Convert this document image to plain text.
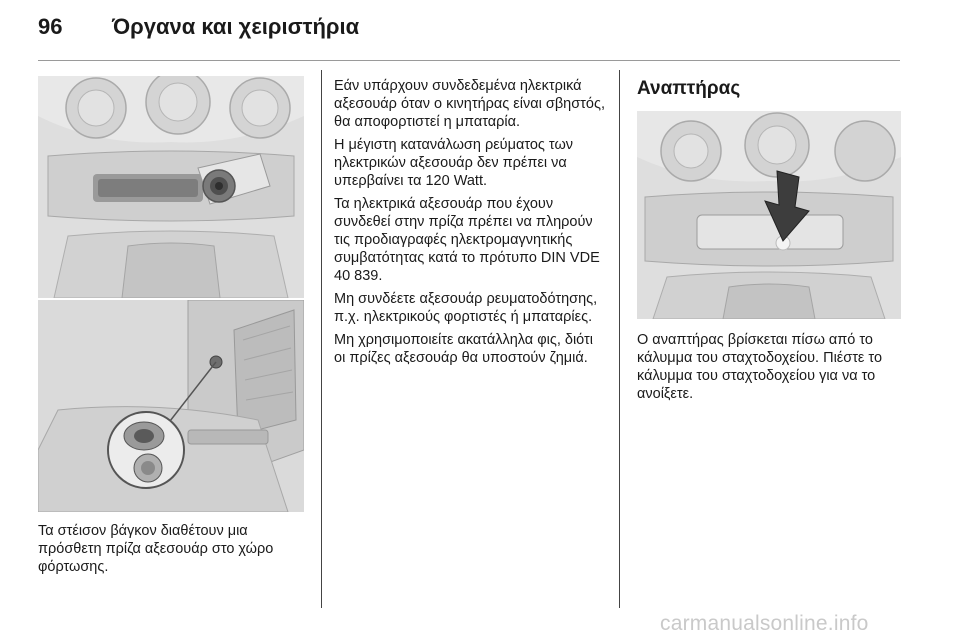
96	Όργανα και χειριστήρια
Τα στέισον βάγκον διαθέτουν μια πρόσθετη πρίζα αξεσουάρ στο χώρο φόρτωσης.

Εάν υπάρχουν συνδεδεμένα ηλεκτρικά αξεσουάρ όταν ο κινητήρας είναι σβηστός, θα αποφορτιστεί η μπαταρία.

Η μέγιστη κατανάλωση ρεύματος των ηλεκτρικών αξεσουάρ δεν πρέπει να υπερβαίνει τα 120 Watt.

Τα ηλεκτρικά αξεσουάρ που έχουν συνδεθεί στην πρίζα πρέπει να πληρούν τις προδιαγραφές ηλεκτρομαγνητικής συμβατότητας κατά το πρότυπο DIN VDE 40 839.

Μη συνδέετε αξεσουάρ ρευματοδότησης, π.χ. ηλεκτρικούς φορτιστές ή μπαταρίες.

Μη χρησιμοποιείτε ακατάλληλα φις, διότι οι πρίζες αξεσουάρ θα υποστούν ζημιά.

Αναπτήρας
Ο αναπτήρας βρίσκεται πίσω από το κάλυμμα του σταχτοδοχείου. Πιέστε το κάλυμμα του σταχτοδοχείου για να το ανοίξετε.
carmanualsonline.info
